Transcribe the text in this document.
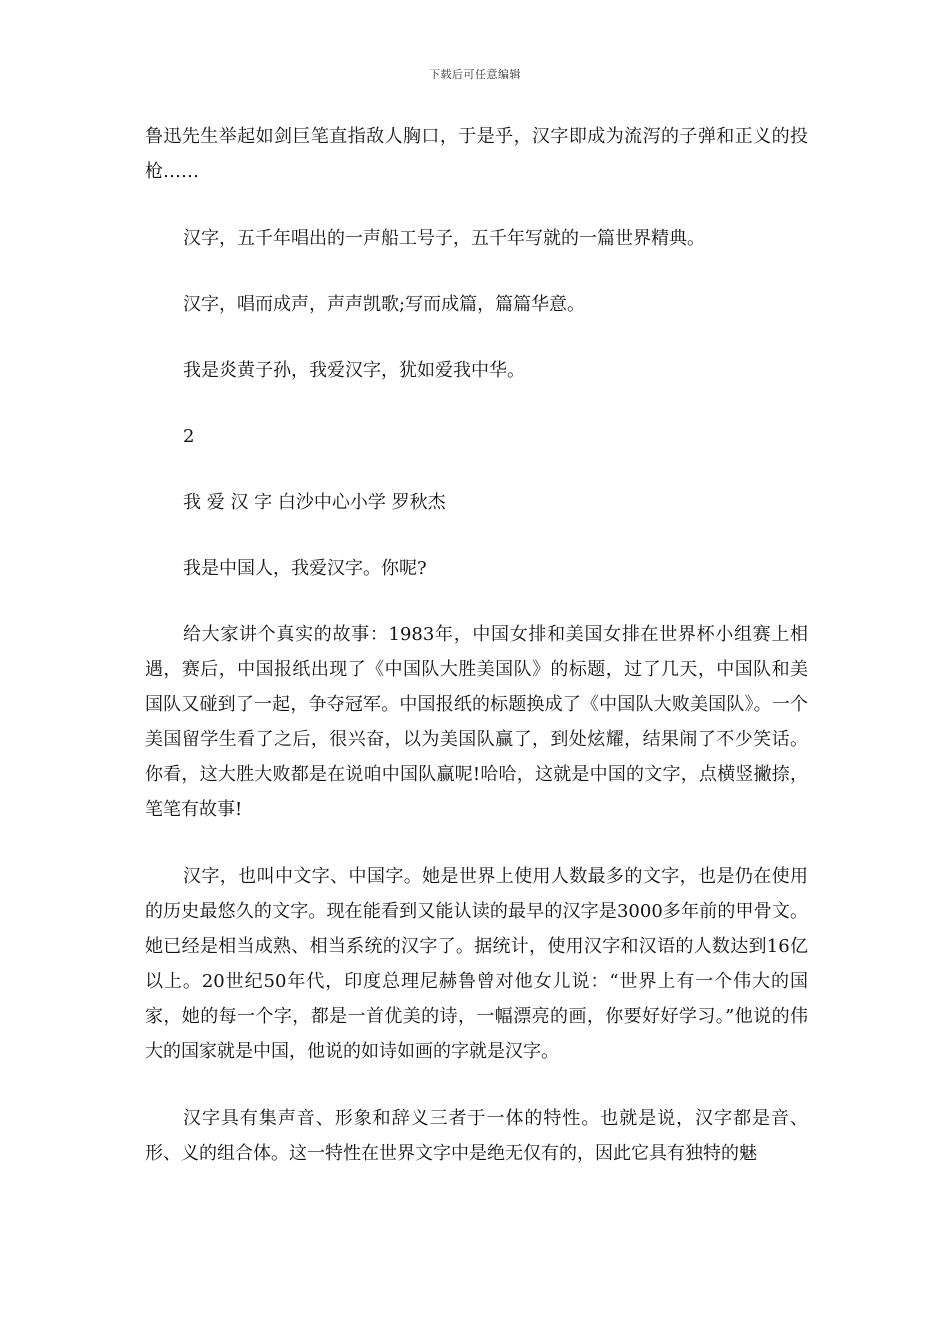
下载后可任意编辑

鲁迅先生举起如剑巨笔直指敌人胸口，于是乎，汉字即成为流泻的子弹和正义的投枪……

汉字，五千年唱出的一声船工号子，五千年写就的一篇世界精典。

汉字，唱而成声，声声凯歌;写而成篇，篇篇华意。

我是炎黄子孙，我爱汉字，犹如爱我中华。

2

我 爱 汉 字 白沙中心小学 罗秋杰

我是中国人，我爱汉字。你呢?

给大家讲个真实的故事：1983年，中国女排和美国女排在世界杯小组赛上相遇，赛后，中国报纸出现了《中国队大胜美国队》的标题，过了几天，中国队和美国队又碰到了一起，争夺冠军。中国报纸的标题换成了《中国队大败美国队》。一个美国留学生看了之后，很兴奋，以为美国队赢了，到处炫耀，结果闹了不少笑话。你看，这大胜大败都是在说咱中国队赢呢!哈哈，这就是中国的文字，点横竖撇捺，笔笔有故事!

汉字，也叫中文字、中国字。她是世界上使用人数最多的文字，也是仍在使用的历史最悠久的文字。现在能看到又能认读的最早的汉字是3000多年前的甲骨文。她已经是相当成熟、相当系统的汉字了。据统计，使用汉字和汉语的人数达到16亿以上。20世纪50年代，印度总理尼赫鲁曾对他女儿说：“世界上有一个伟大的国家，她的每一个字，都是一首优美的诗，一幅漂亮的画，你要好好学习。”他说的伟大的国家就是中国，他说的如诗如画的字就是汉字。

汉字具有集声音、形象和辞义三者于一体的特性。也就是说，汉字都是音、形、义的组合体。这一特性在世界文字中是绝无仅有的，因此它具有独特的魅
